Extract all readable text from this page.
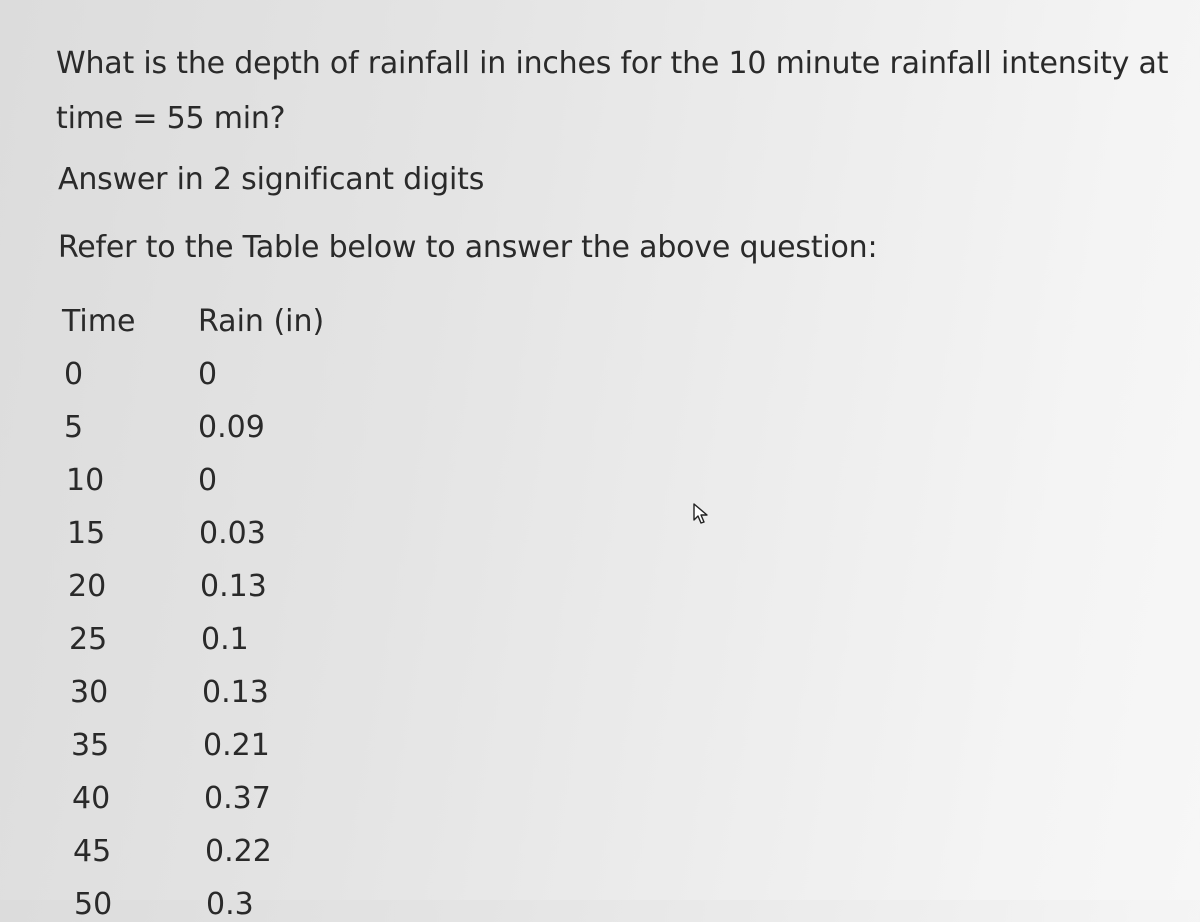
What is the depth of rainfall in inches for the 10 minute rainfall intensity at time = 55 min?
Answer in 2 significant digits
Refer to the Table below to answer the above question:
Time Rain (in)
0	0
5	0.09
10	0
15	0.03
20	0.13
25	0.1
30	0.13
35	0.21
40	0.37
45	0.22
50	0.3
